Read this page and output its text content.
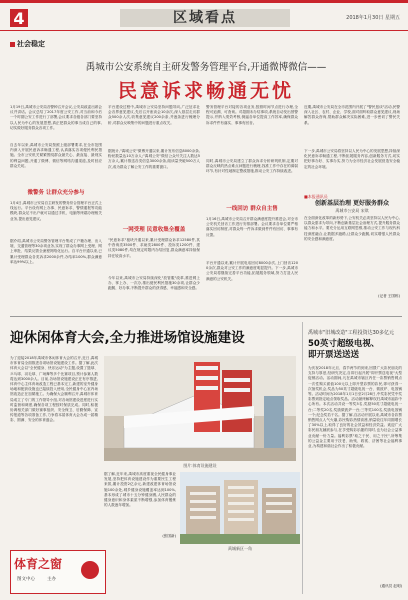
4	区域看点	2018年1月30日 星期五
社会稳定
禹城市公安系统自主研发警务管理平台,开通微博微信——
民意诉求畅通无忧

1月19日,禹城市公安局各警种召开会议,公安局政委出席会议并讲话。会议总结了2017年度公安工作,对当前和今后一个时期公安工作进行了部署,会议要求各级各部门要坚持以人民为中心的发展思想,真正把群众的事当成自己的事,切实做好服务群众各项工作。

自去年以来,禹城市公安局按照上级部署要求,在全市范围内深入开展民意诉求畅通工程,认真落实各项便民利民措施。全市公安机关紧紧围绕群众最关心、最直接、最现实的利益问题,开通了微博、微信等网络沟通渠道,及时回应群众关切。

微警务 让群众充分参与

1月4日,禹城市公安局自主研发的警务综合管理平台正式上线运行。平台设有网上办事、民意诉求、警情通报等功能模块,群众足不出户就可以通过手机、电脑等终端办理相关业务,提出意见建议。

据介绍,禹城市公安局警务管理平台集成了户籍办理、出入境、交通管理等30余项业务,实现了群众办事网上受理、网上审批、结果反馈全流程网络化运行。自平台开通以来,已累计受理群众各类诉求2000余件,办结率100%,群众满意率达99%以上。

平台建设过程中,禹城市公安局坚持问题导向,广泛征求社会各界意见建议,先后召开座谈会10余次,深入基层走访群众500余人次,收集意见建议200余条,并逐条进行梳理分析,对群众反映集中的问题进行重点攻关。

据统计,"禹城公安"微博开通以来,累计发布信息8000余条,粉丝数量达10万余人;"禹城公安"微信公众号关注人数达5万余人,累计推送各类信息3000余条,阅读量突破500万人次,成为群众了解公安工作的重要窗口。

一网受理 民意收集全覆盖

"民意诉求"板块开通以来,累计受理群众诉求12580件,其中咨询类3500件、求助类2800件、投诉类1200件、建议类5080件,均在规定时限内办结回复,群众满意率持续保持在较高水平。

今年以来,禹城市公安局持续深化"放管服"改革,推进网上办、掌上办、一次办,推出便民利民措施30余项,让群众少跑腿、好办事,不断提升群众的获得感、幸福感和安全感。

警务管理平台对接的各项业务,按照时间节点进行办理,全程可追溯、可查询。对超期未办结事项,系统自动发出预警提示,并纳入绩效考核,倒逼各单位提高工作效率,确保群众诉求件件有落实、事事有回音。

同时,禹城市公安局建立了群众诉求分析研判机制,定期对群众反映的热点难点问题进行梳理,找准工作中存在的薄弱环节,有针对性地制定整改措施,推动公安工作持续改进。

一线回访 群众自主售

1月16日,禹城市公安局召开群众满意度提升推进会,对全市公安机关回访工作进行安排部署。会议要求各单位要严格落实回访制度,对群众每一件诉求做到件件有回访、事事有反馈。

平台开通以来,累计开展电话回访8000余次,上门回访1200余次,群众对公安工作的满意度明显提升。下一步,禹城市公安局将继续完善平台功能,拓展服务领域,努力打造人民满意的公安机关。

近期,禹城市公安局在全市范围内开展了"警民恳谈"活动,民警深入社区、农村、企业、学校,面对面听取群众意见建议,现场解答群众咨询,帮助群众解决实际困难,进一步密切了警民关系。

下一步,禹城市公安局将坚持以人民为中心的发展思想,持续深化民意诉求畅通工程,不断拓展服务内容,创新服务方式,切实把好事办好、实事办实,努力为全市经济社会发展营造安全稳定的社会环境。

■本报通讯员
创新基层治理 更好服务群众
禹城市公安局 宋琪

在全面深化改革的新形势下,公安机关必须坚持以人民为中心,以群众需求为导向,不断创新基层社会治理方式,提升服务群众能力和水平。要充分运用互联网思维,推动公安工作与现代科技深度融合,让数据多跑路,让群众少跑腿,切实增强人民群众的安全感和满意度。

(记者 王国栋)
迎休闲体育大会,全力推进场馆设施建设

为了迎接2018年禹城市休闲体育大会的召开,近日,禹城市体育局全面推进各项场馆设施建设工作。据了解,此次体育大会以"全民健身、快乐运动"为主题,设置了篮球、乒乓球、羽毛球、广场舞等多个比赛项目,预计参赛人数将达到3000余人。目前,各场馆设施建设正在有序推进,体育中心主体育场改造工程已基本完工,新建的室外健身场地和配套设施也已陆续投入使用,全民健身中心室内场馆改造正在加紧施工。为确保大会顺利召开,禹城市体育局成立了专门的工作领导小组,对各场馆建设进度进行实时监督和调度,确保各项工程按时保质完成。同时,积极协调相关部门做好赛事组织、安全保卫、后勤保障、宣传报道等各项准备工作,力争将本届体育大会办成一届精彩、圆满、安全的体育盛会。

图片:体育设施建设
禹城新区一角

据了解,近年来,禹城市高度重视全民健身事业发展,坚持把体育设施建设作为重要民生工程来抓,累计投资2亿余元,新建改建体育场馆设施100余处,城乡健身设施覆盖率达到100%,基本形成了城市十五分钟健身圈,人民群众的健身意识和身体素质不断增强,参加体育锻炼的人数逐年增加。

(张国新)
体育之窗
图文中心	主办
禹城市"旧城改造"工程投资达30多亿元
50英寸超级电视、
即开票送送送

为庆祝2018年元旦、春节两节的到来,回馈广大彩民朋友的支持与厚爱,经研究决定,自即日起开展"即开票送电视"大型促销活动。活动期间,凡在禹城市辖区内任一彩票销售网点一次性购买面值100元以上即开型彩票的彩民,即可获得一次抽奖机会,奖品为50英寸超级电视一台、微波炉、电饭锅等。活动时间为2018年1月1日至2月28日,中奖彩民凭中奖彩票到指定地点领取奖品。活动最终解释权归禹城市福彩中心所有。本次活动共设一等奖5名,奖励50英寸超级电视一台;二等奖20名,奖励微波炉一台;三等奖100名,奖励电饭锅一个;纪念奖若干名。据了解,自活动开展以来,禹城市各彩票销售网点人气火爆,彩民购彩热情高涨,销量较往年同期增长了30%以上,取得了良好的社会效益和经济效益。欢迎广大彩民朋友踊跃参与,在享受购彩乐趣的同时,也为社会公益事业贡献一份力量。福利彩票"取之于民、用之于民",所筹集的公益金主要用于扶老、助残、救孤、济困等社会福利事业,为构建和谐社会作出了积极贡献。

(通讯员 赵明)
